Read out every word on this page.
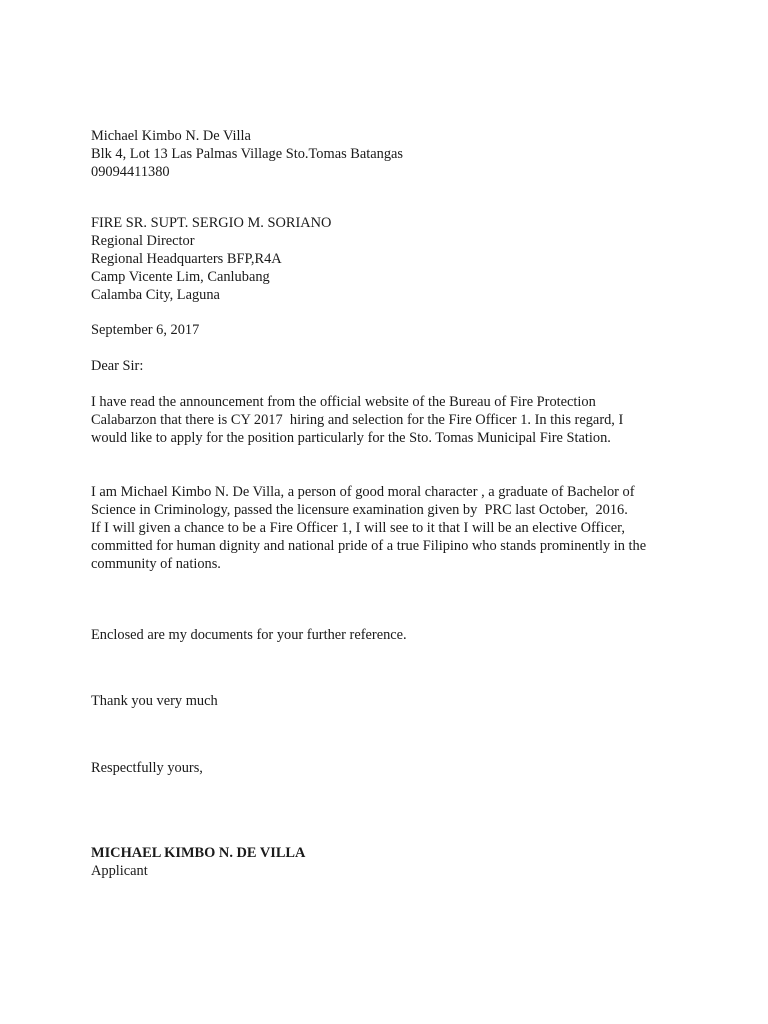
Michael Kimbo N. De Villa
Blk 4, Lot 13 Las Palmas Village Sto.Tomas Batangas
09094411380
FIRE SR. SUPT. SERGIO M. SORIANO
Regional Director
Regional Headquarters BFP,R4A
Camp Vicente Lim, Canlubang
Calamba City, Laguna
September 6, 2017
Dear Sir:
I have read the announcement from the official website of the Bureau of Fire Protection
Calabarzon that there is CY 2017  hiring and selection for the Fire Officer 1. In this regard, I
would like to apply for the position particularly for the Sto. Tomas Municipal Fire Station.
I am Michael Kimbo N. De Villa, a person of good moral character , a graduate of Bachelor of
Science in Criminology, passed the licensure examination given by  PRC last October,  2016.
If I will given a chance to be a Fire Officer 1, I will see to it that I will be an elective Officer,
committed for human dignity and national pride of a true Filipino who stands prominently in the
community of nations.
Enclosed are my documents for your further reference.
Thank you very much
Respectfully yours,
MICHAEL KIMBO N. DE VILLA
Applicant
